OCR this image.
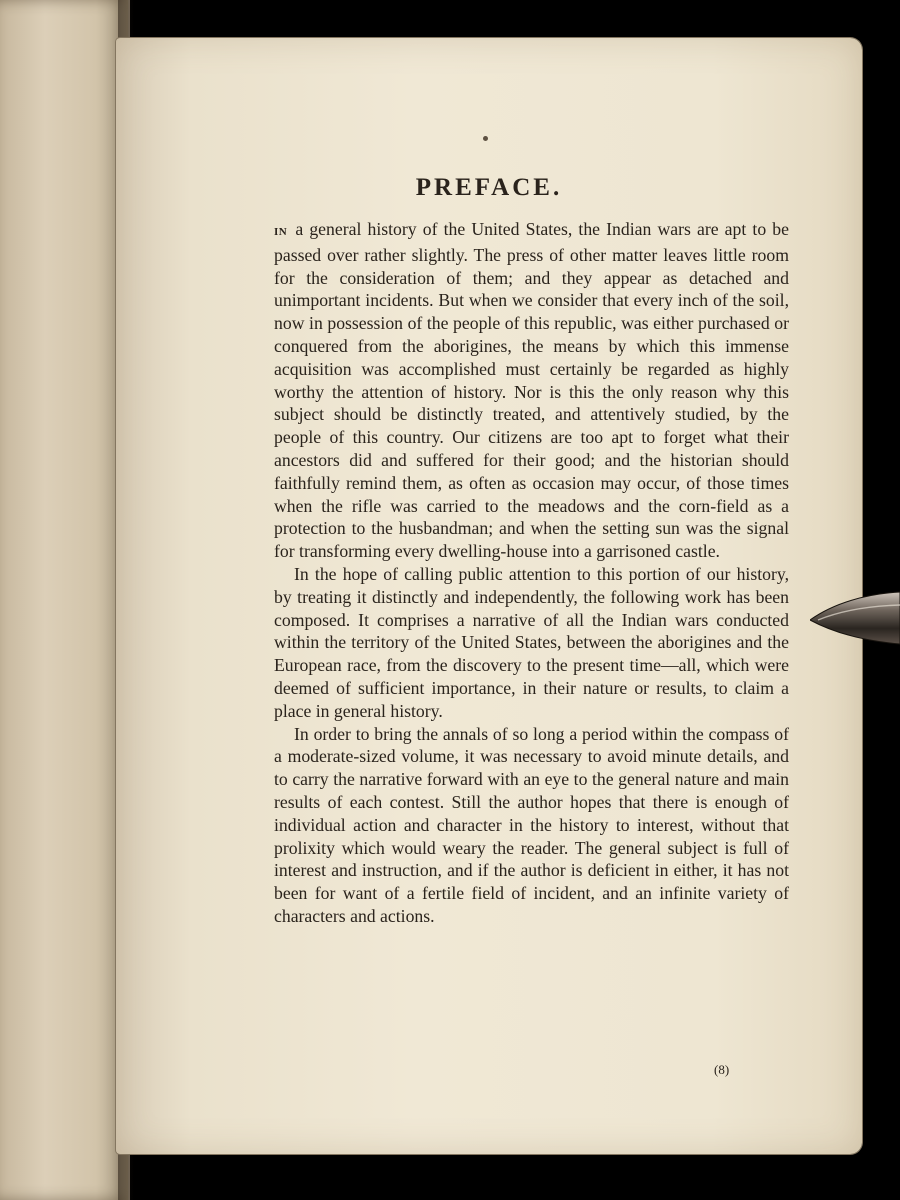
PREFACE.

IN a general history of the United States, the Indian wars are apt to be passed over rather slightly. The press of other matter leaves little room for the consideration of them; and they appear as detached and unimportant incidents. But when we consider that every inch of the soil, now in possession of the people of this republic, was either purchased or conquered from the aborigines, the means by which this immense acquisition was accomplished must certainly be regarded as highly worthy the attention of history. Nor is this the only reason why this subject should be distinctly treated, and attentively studied, by the people of this country. Our citizens are too apt to forget what their ancestors did and suffered for their good; and the historian should faithfully remind them, as often as occasion may occur, of those times when the rifle was carried to the meadows and the corn-field as a protection to the husbandman; and when the setting sun was the signal for transforming every dwelling-house into a garrisoned castle.

In the hope of calling public attention to this portion of our history, by treating it distinctly and independently, the following work has been composed. It comprises a narrative of all the Indian wars conducted within the territory of the United States, between the aborigines and the European race, from the discovery to the present time—all, which were deemed of sufficient importance, in their nature or results, to claim a place in general history.

In order to bring the annals of so long a period within the compass of a moderate-sized volume, it was necessary to avoid minute details, and to carry the narrative forward with an eye to the general nature and main results of each contest. Still the author hopes that there is enough of individual action and character in the history to interest, without that prolixity which would weary the reader. The general subject is full of interest and instruction, and if the author is deficient in either, it has not been for want of a fertile field of incident, and an infinite variety of characters and actions.

(8)
